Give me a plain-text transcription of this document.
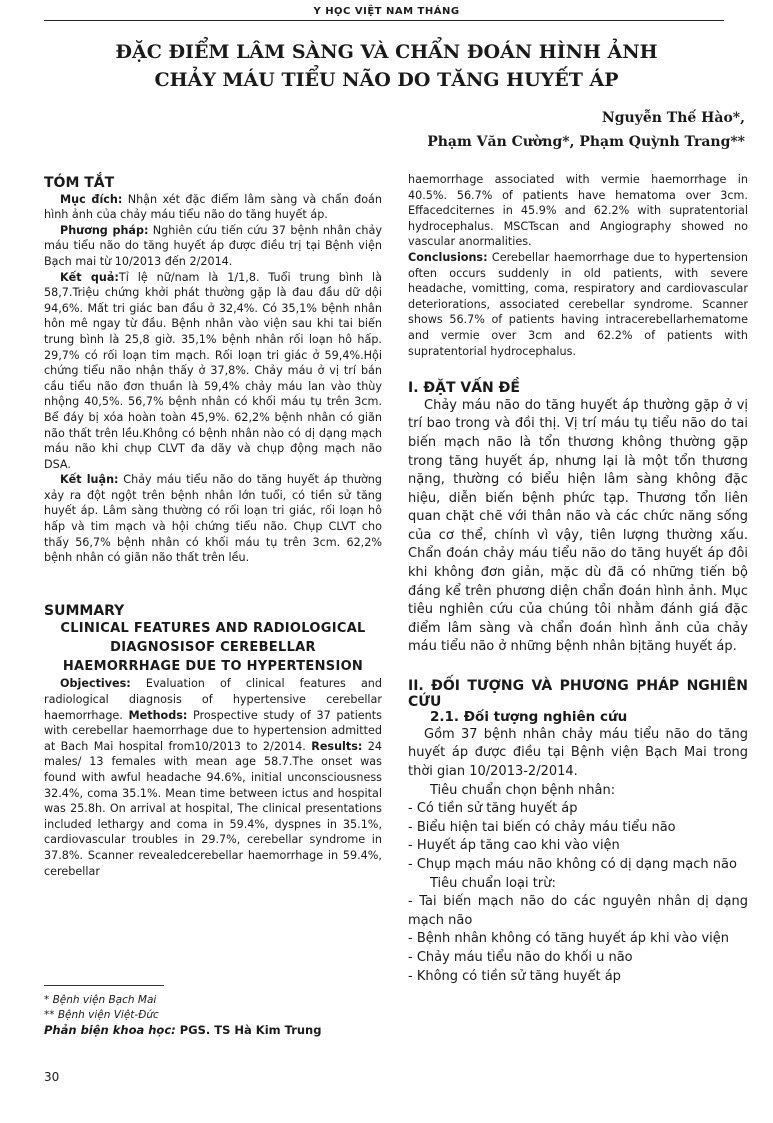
Y HỌC VIỆT NAM THÁNG
ĐẶC ĐIỂM LÂM SÀNG VÀ CHẨN ĐOÁN HÌNH ẢNH
CHẢY MÁU TIỂU NÃO DO TĂNG HUYẾT ÁP
Nguyễn Thế Hào*,
Phạm Văn Cường*, Phạm Quỳnh Trang**

TÓM TẮT

Mục đích: Nhận xét đặc điểm lâm sàng và chẩn đoán hình ảnh của chảy máu tiểu não do tăng huyết áp.

Phương pháp: Nghiên cứu tiến cứu 37 bệnh nhân chảy máu tiểu não do tăng huyết áp được điều trị tại Bệnh viện Bạch mai từ 10/2013 đến 2/2014.

Kết quả:Tỉ lệ nữ/nam là 1/1,8. Tuổi trung bình là 58,7.Triệu chứng khởi phát thường gặp là đau đầu dữ dội 94,6%. Mất tri giác ban đầu ở 32,4%. Có 35,1% bệnh nhân hôn mê ngay từ đầu. Bệnh nhân vào viện sau khi tai biến trung bình là 25,8 giờ. 35,1% bệnh nhân rối loạn hô hấp. 29,7% có rối loạn tim mạch. Rối loạn tri giác ở 59,4%.Hội chứng tiểu não nhận thấy ở 37,8%. Chảy máu ở vị trí bán cầu tiểu não đơn thuần là 59,4% chảy máu lan vào thùy nhộng 40,5%. 56,7% bệnh nhân có khối máu tụ trên 3cm. Bể đáy bị xóa hoàn toàn 45,9%. 62,2% bệnh nhân có giãn não thất trên lều.Không có bệnh nhân nào có dị dạng mạch máu não khi chụp CLVT đa dãy và chụp động mạch não DSA.

Kết luận: Chảy máu tiểu não do tăng huyết áp thường xảy ra đột ngột trên bệnh nhân lớn tuổi, có tiền sử tăng huyết áp. Lâm sàng thường có rối loạn tri giác, rối loạn hô hấp và tim mạch và hội chứng tiểu não. Chụp CLVT cho thấy 56,7% bệnh nhân có khối máu tụ trên 3cm. 62,2% bệnh nhân có giãn não thất trên lều.

SUMMARY

CLINICAL FEATURES AND RADIOLOGICAL

DIAGNOSISOF CEREBELLAR

HAEMORRHAGE DUE TO HYPERTENSION

Objectives: Evaluation of clinical features and radiological diagnosis of hypertensive cerebellar haemorrhage. Methods: Prospective study of 37 patients with cerebellar haemorrhage due to hypertension admitted at Bach Mai hospital from10/2013 to 2/2014. Results: 24 males/ 13 females with mean age 58.7.The onset was found with awful headache 94.6%, initial unconsciousness 32.4%, coma 35.1%. Mean time between ictus and hospital was 25.8h. On arrival at hospital, The clinical presentations included lethargy and coma in 59.4%, dyspnes in 35.1%, cardiovascular troubles in 29.7%, cerebellar syndrome in 37.8%. Scanner revealedcerebellar haemorrhage in 59.4%, cerebellar

* Bệnh viện Bạch Mai
** Bệnh viện Việt-Đức
Phản biện khoa học: PGS. TS Hà Kim Trung
30

haemorrhage associated with vermie haemorrhage in 40.5%. 56.7% of patients have hematoma over 3cm. Effacedciternes in 45.9% and 62.2% with supratentorial hydrocephalus. MSCTscan and Angiography showed no vascular anormalities.

Conclusions: Cerebellar haemorrhage due to hypertension often occurs suddenly in old patients, with severe headache, vomitting, coma, respiratory and cardiovascular deteriorations, associated cerebellar syndrome. Scanner shows 56.7% of patients having intracerebellarhematome and vermie over 3cm and 62.2% of patients with supratentorial hydrocephalus.

I. ĐẶT VẤN ĐỀ

Chảy máu não do tăng huyết áp thường gặp ở vị trí bao trong và đồi thị. Vị trí máu tụ tiểu não do tai biến mạch não là tổn thương không thường gặp trong tăng huyết áp, nhưng lại là một tổn thương nặng, thường có biểu hiện lâm sàng không đặc hiệu, diễn biến bệnh phức tạp. Thương tổn liên quan chặt chẽ với thân não và các chức năng sống của cơ thể, chính vì vậy, tiên lượng thường xấu. Chẩn đoán chảy máu tiểu não do tăng huyết áp đôi khi không đơn giản, mặc dù đã có những tiến bộ đáng kể trên phương diện chẩn đoán hình ảnh. Mục tiêu nghiên cứu của chúng tôi nhằm đánh giá đặc điểm lâm sàng và chẩn đoán hình ảnh của chảy máu tiểu não ở những bệnh nhân bịtăng huyết áp.

II. ĐỐI TƯỢNG VÀ PHƯƠNG PHÁP NGHIÊN CỨU

2.1. Đối tượng nghiên cứu

Gồm 37 bệnh nhân chảy máu tiểu não do tăng huyết áp được điều tại Bệnh viện Bạch Mai trong thời gian 10/2013-2/2014.

Tiêu chuẩn chọn bệnh nhân:

- Có tiền sử tăng huyết áp

- Biểu hiện tai biến có chảy máu tiểu não

- Huyết áp tăng cao khi vào viện

- Chụp mạch máu não không có dị dạng mạch não

Tiêu chuẩn loại trừ:

- Tai biến mạch não do các nguyên nhân dị dạng mạch não

- Bệnh nhân không có tăng huyết áp khi vào viện

- Chảy máu tiểu não do khối u não

- Không có tiền sử tăng huyết áp
